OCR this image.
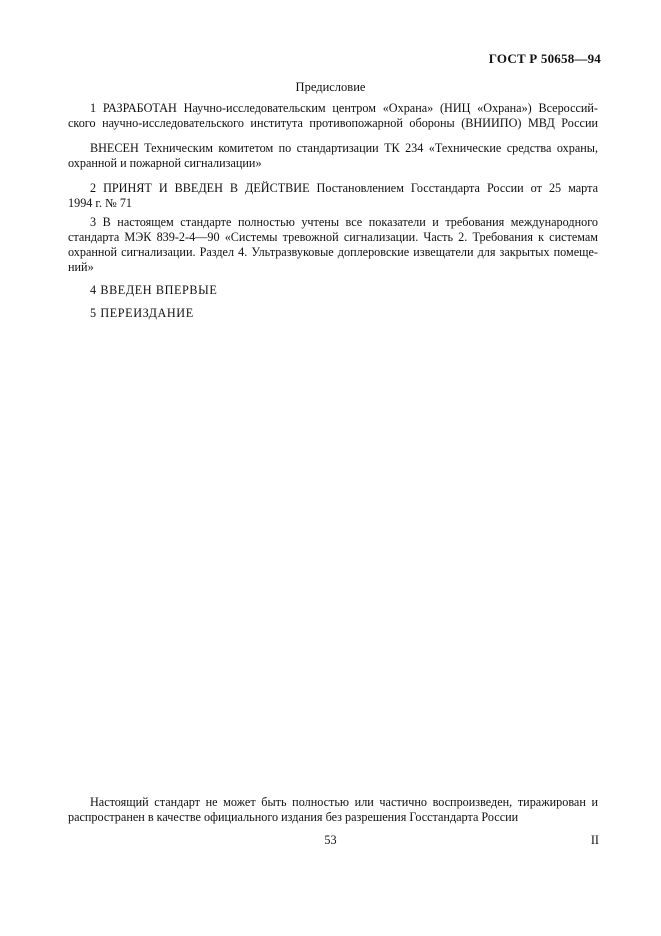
ГОСТ Р 50658—94
Предисловие
1 РАЗРАБОТАН Научно-исследовательским центром «Охрана» (НИЦ «Охрана») Всероссий-
ского научно-исследовательского института противопожарной обороны (ВНИИПО) МВД России
ВНЕСЕН Техническим комитетом по стандартизации ТК 234 «Технические средства охраны,
охранной и пожарной сигнализации»
2 ПРИНЯТ И ВВЕДЕН В ДЕЙСТВИЕ Постановлением Госстандарта России от 25 марта
1994 г. № 71
3 В настоящем стандарте полностью учтены все показатели и требования международного
стандарта МЭК 839-2-4—90 «Системы тревожной сигнализации. Часть 2. Требования к системам
охранной сигнализации. Раздел 4. Ультразвуковые доплеровские извещатели для закрытых помеще-
ний»
4 ВВЕДЕН ВПЕРВЫЕ
5 ПЕРЕИЗДАНИЕ
Настоящий стандарт не может быть полностью или частично воспроизведен, тиражирован и
распространен в качестве официального издания без разрешения Госстандарта России
53	II
